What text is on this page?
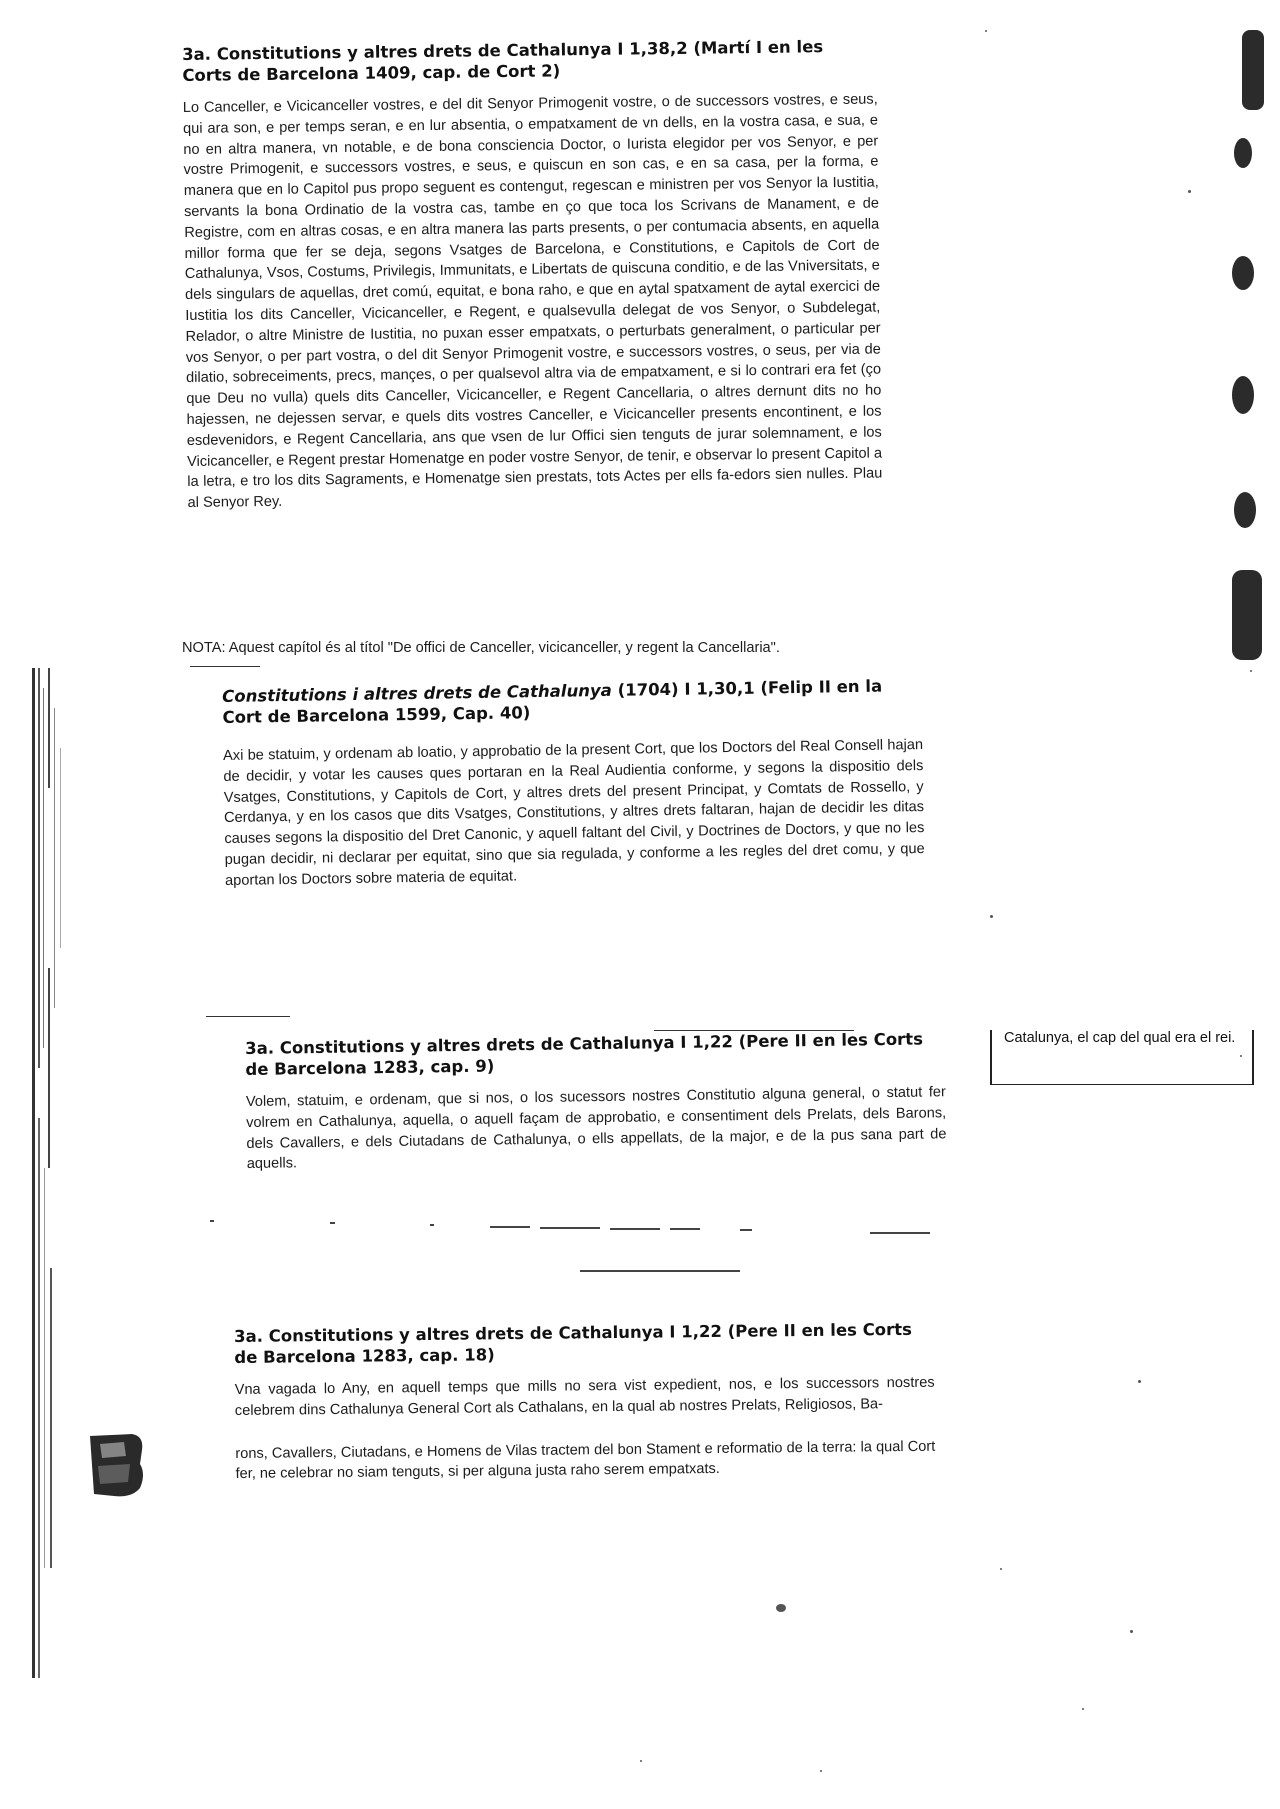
3a. Constitutions y altres drets de Cathalunya I 1,38,2 (Martí I en les Corts de Barcelona 1409, cap. de Cort 2)

Lo Canceller, e Vicicanceller vostres, e del dit Senyor Primogenit vostre, o de successors vostres, e seus, qui ara son, e per temps seran, e en lur absentia, o empatxament de vn dells, en la vostra casa, e sua, e no en altra manera, vn notable, e de bona consciencia Doctor, o Iurista elegidor per vos Senyor, e per vostre Primogenit, e successors vostres, e seus, e quiscun en son cas, e en sa casa, per la forma, e manera que en lo Capitol pus propo seguent es contengut, regescan e ministren per vos Senyor la Iustitia, servants la bona Ordinatio de la vostra cas, tambe en ço que toca los Scrivans de Manament, e de Registre, com en altras cosas, e en altra manera las parts presents, o per contumacia absents, en aquella millor forma que fer se deja, segons Vsatges de Barcelona, e Constitutions, e Capitols de Cort de Cathalunya, Vsos, Costums, Privilegis, Immunitats, e Libertats de quiscuna conditio, e de las Vniversitats, e dels singulars de aquellas, dret comú, equitat, e bona raho, e que en aytal spatxament de aytal exercici de Iustitia los dits Canceller, Vicicanceller, e Regent, e qualsevulla delegat de vos Senyor, o Subdelegat, Relador, o altre Ministre de Iustitia, no puxan esser empatxats, o perturbats generalment, o particular per vos Senyor, o per part vostra, o del dit Senyor Primogenit vostre, e successors vostres, o seus, per via de dilatio, sobreceiments, precs, mançes, o per qualsevol altra via de empatxament, e si lo contrari era fet (ço que Deu no vulla) quels dits Canceller, Vicicanceller, e Regent Cancellaria, o altres dernunt dits no ho hajessen, ne dejessen servar, e quels dits vostres Canceller, e Vicicanceller presents encontinent, e los esdevenidors, e Regent Cancellaria, ans que vsen de lur Offici sien tenguts de jurar solemnament, e los Vicicanceller, e Regent prestar Homenatge en poder vostre Senyor, de tenir, e observar lo present Capitol a la letra, e tro los dits Sagraments, e Homenatge sien prestats, tots Actes per ells fa-edors sien nulles. Plau al Senyor Rey.

NOTA: Aquest capítol és al títol "De offici de Canceller, vicicanceller, y regent la Cancellaria".
Constitutions i altres drets de Cathalunya (1704) I 1,30,1 (Felip II en la Cort de Barcelona 1599, Cap. 40)

Axi be statuim, y ordenam ab loatio, y approbatio de la present Cort, que los Doctors del Real Consell hajan de decidir, y votar les causes ques portaran en la Real Audientia conforme, y segons la dispositio dels Vsatges, Constitutions, y Capitols de Cort, y altres drets del present Principat, y Comtats de Rossello, y Cerdanya, y en los casos que dits Vsatges, Constitutions, y altres drets faltaran, hajan de decidir les ditas causes segons la dispositio del Dret Canonic, y aquell faltant del Civil, y Doctrines de Doctors, y que no les pugan decidir, ni declarar per equitat, sino que sia regulada, y conforme a les regles del dret comu, y que aportan los Doctors sobre materia de equitat.

Catalunya, el cap del qual era el rei.
3a. Constitutions y altres drets de Cathalunya I 1,22 (Pere II en les Corts de Barcelona 1283, cap. 9)

Volem, statuim, e ordenam, que si nos, o los sucessors nostres Constitutio alguna general, o statut fer volrem en Cathalunya, aquella, o aquell façam de approbatio, e consentiment dels Prelats, dels Barons, dels Cavallers, e dels Ciutadans de Cathalunya, o ells appellats, de la major, e de la pus sana part de aquells.

3a. Constitutions y altres drets de Cathalunya I 1,22 (Pere II en les Corts de Barcelona 1283, cap. 18)

Vna vagada lo Any, en aquell temps que mills no sera vist expedient, nos, e los successors nostres celebrem dins Cathalunya General Cort als Cathalans, en la qual ab nostres Prelats, Religiosos, Ba-

rons, Cavallers, Ciutadans, e Homens de Vilas tractem del bon Stament e reformatio de la terra: la qual Cort fer, ne celebrar no siam tenguts, si per alguna justa raho serem empatxats.
